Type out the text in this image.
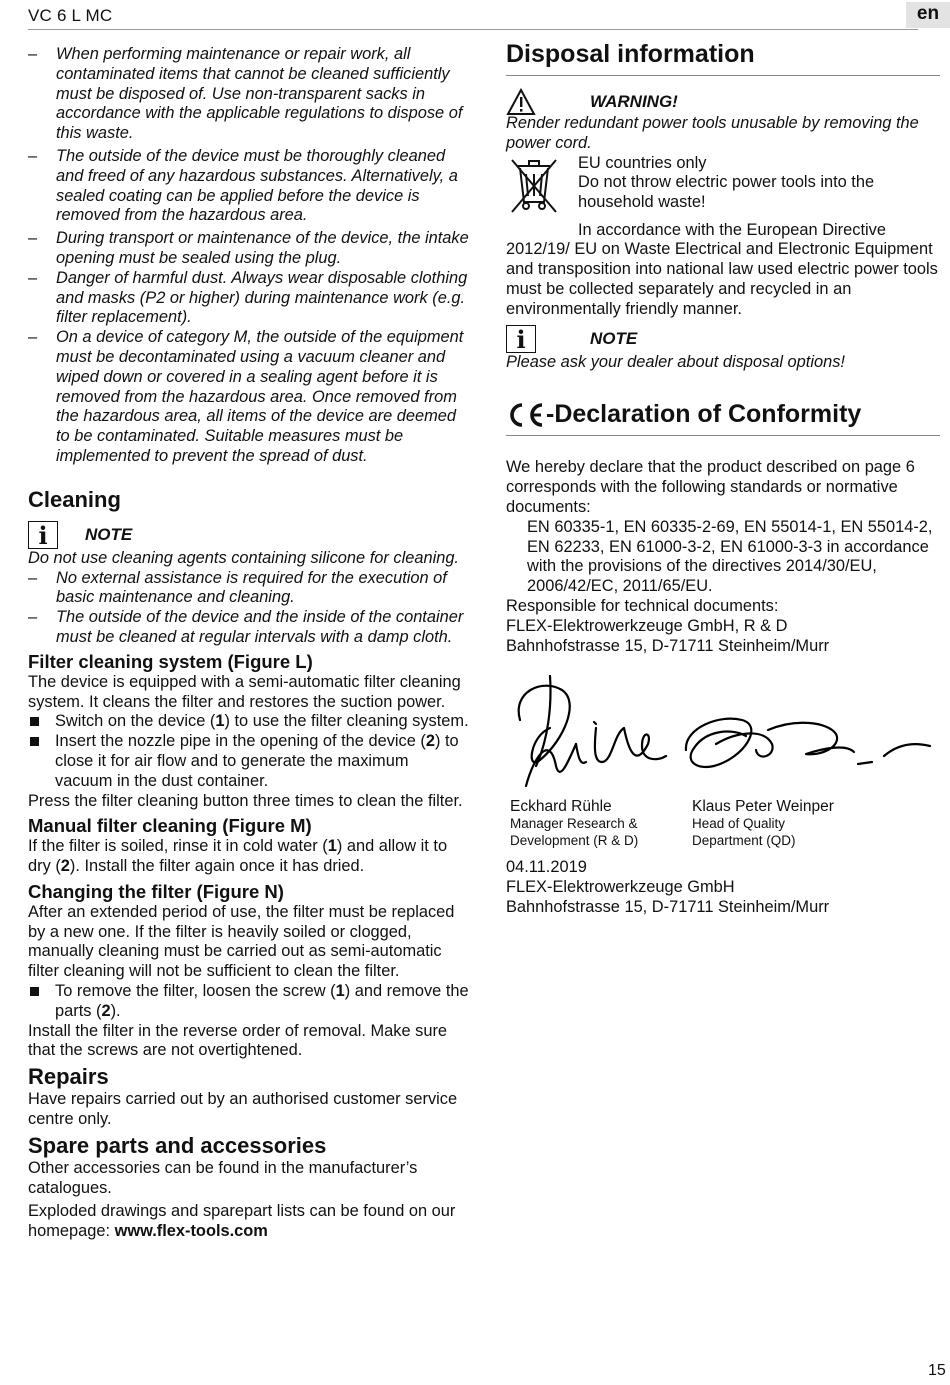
VC 6 L MC	en
–	When performing maintenance or repair work, all contaminated items that cannot be cleaned sufficiently must be disposed of. Use non-transparent sacks in accordance with the applicable regulations to dispose of this waste.
–	The outside of the device must be thoroughly cleaned and freed of any hazardous substances. Alternatively, a sealed coating can be applied before the device is removed from the hazardous area.
–	During transport or maintenance of the device, the intake opening must be sealed using the plug.
–	Danger of harmful dust. Always wear disposable clothing and masks (P2 or higher) during maintenance work (e.g. filter replacement).
–	On a device of category M, the outside of the equipment must be decontaminated using a vacuum cleaner and wiped down or covered in a sealing agent before it is removed from the hazardous area. Once removed from the hazardous area, all items of the device are deemed to be contaminated. Suitable measures must be implemented to prevent the spread of dust.
Cleaning
i	NOTE

Do not use cleaning agents containing silicone for cleaning.

–	No external assistance is required for the execution of basic maintenance and cleaning.
–	The outside of the device and the inside of the container must be cleaned at regular intervals with a damp cloth.
Filter cleaning system (Figure L)

The device is equipped with a semi-automatic filter cleaning system. It cleans the filter and restores the suction power.

Switch on the device (1) to use the filter cleaning system.
Insert the nozzle pipe in the opening of the device (2) to close it for air flow and to generate the maximum vacuum in the dust container.

Press the filter cleaning button three times to clean the filter.

Manual filter cleaning (Figure M)

If the filter is soiled, rinse it in cold water (1) and allow it to dry (2). Install the filter again once it has dried.

Changing the filter (Figure N)

After an extended period of use, the filter must be replaced by a new one. If the filter is heavily soiled or clogged, manually cleaning must be carried out as semi-automatic filter cleaning will not be sufficient to clean the filter.

To remove the filter, loosen the screw (1) and remove the parts (2).

Install the filter in the reverse order of removal. Make sure that the screws are not overtightened.

Repairs

Have repairs carried out by an authorised customer service centre only.

Spare parts and accessories

Other accessories can be found in the manufacturer’s catalogues.

Exploded drawings and sparepart lists can be found on our homepage: www.flex-tools.com

Disposal information
WARNING!

Render redundant power tools unusable by removing the power cord.

EU countries only

Do not throw electric power tools into the household waste!

In accordance with the European Directive 2012/19/ EU on Waste Electrical and Electronic Equipment and transposition into national law used electric power tools must be collected separately and recycled in an environmentally friendly manner.

i	NOTE

Please ask your dealer about disposal options!

-Declaration of Conformity

We hereby declare that the product described on page 6 corresponds with the following standards or normative documents:

EN 60335-1, EN 60335-2-69, EN 55014-1, EN 55014-2, EN 62233, EN 61000-3-2, EN 61000-3-3 in accordance with the provisions of the directives 2014/30/EU, 2006/42/EC, 2011/65/EU.

Responsible for technical documents:

FLEX-Elektrowerkzeuge GmbH, R & D

Bahnhofstrasse 15, D-71711 Steinheim/Murr

Eckhard Rühle
Manager Research &
Development (R & D)
Klaus Peter Weinper
Head of Quality
Department (QD)

04.11.2019

FLEX-Elektrowerkzeuge GmbH

Bahnhofstrasse 15, D-71711 Steinheim/Murr

15
